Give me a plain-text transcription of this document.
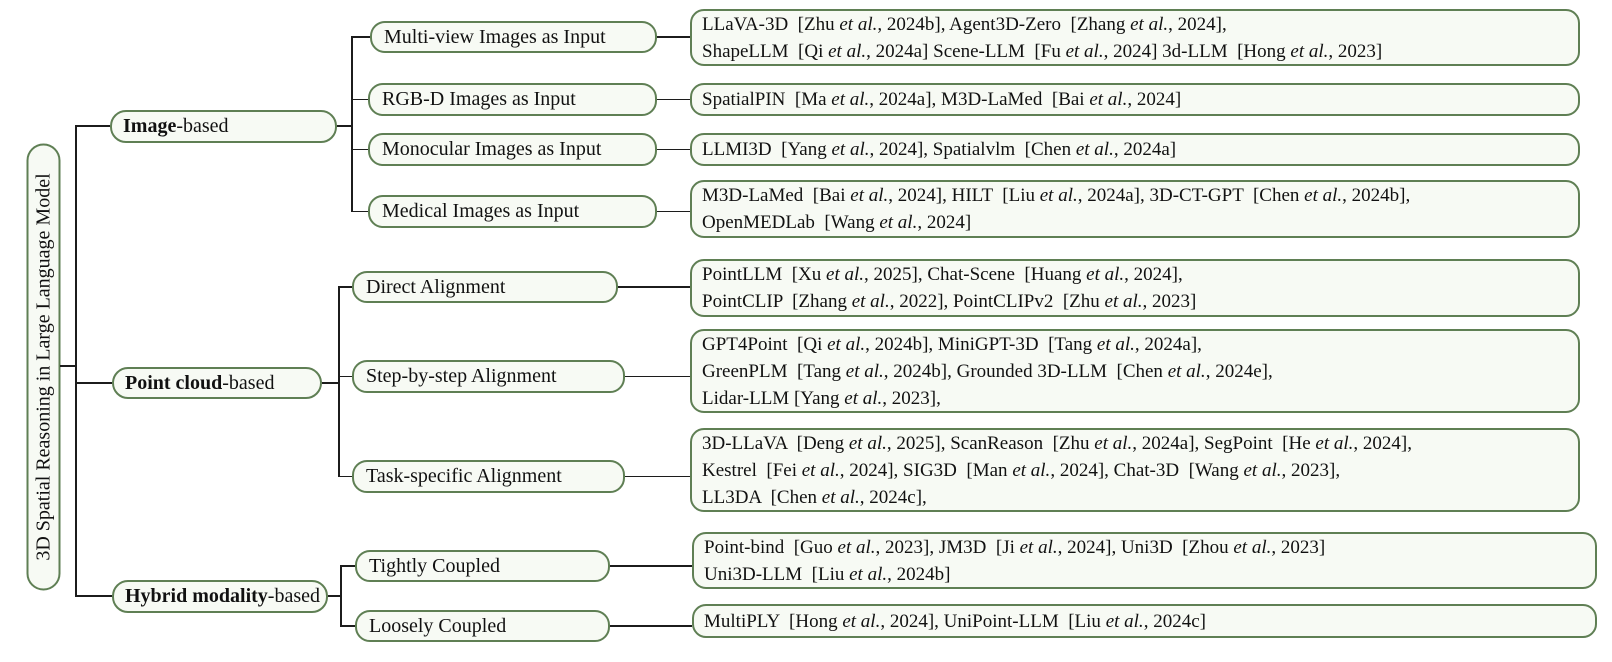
3D Spatial Reasoning in Large Language Model
Image -based
Point cloud -based
Hybrid modality -based
Multi-view Images as Input
RGB-D Images as Input
Monocular Images as Input
Medical Images as Input
Direct Alignment
Step-by-step Alignment
Task-specific Alignment
Tightly Coupled
Loosely Coupled
LLaVA-3D  [Zhu et al., 2024b], Agent3D-Zero  [Zhang et al., 2024],
ShapeLLM  [Qi et al., 2024a] Scene-LLM  [Fu et al., 2024] 3d-LLM  [Hong et al., 2023]
SpatialPIN  [Ma et al., 2024a], M3D-LaMed  [Bai et al., 2024]
LLMI3D  [Yang et al., 2024], Spatialvlm  [Chen et al., 2024a]
M3D-LaMed  [Bai et al., 2024], HILT  [Liu et al., 2024a], 3D-CT-GPT  [Chen et al., 2024b],
OpenMEDLab  [Wang et al., 2024]
PointLLM  [Xu et al., 2025], Chat-Scene  [Huang et al., 2024],
PointCLIP  [Zhang et al., 2022], PointCLIPv2  [Zhu et al., 2023]
GPT4Point  [Qi et al., 2024b], MiniGPT-3D  [Tang et al., 2024a],
GreenPLM  [Tang et al., 2024b], Grounded 3D-LLM  [Chen et al., 2024e],
Lidar-LLM [Yang et al., 2023],
3D-LLaVA  [Deng et al., 2025], ScanReason  [Zhu et al., 2024a], SegPoint  [He et al., 2024],
Kestrel  [Fei et al., 2024], SIG3D  [Man et al., 2024], Chat-3D  [Wang et al., 2023],
LL3DA  [Chen et al., 2024c],
Point-bind  [Guo et al., 2023], JM3D  [Ji et al., 2024], Uni3D  [Zhou et al., 2023]
Uni3D-LLM  [Liu et al., 2024b]
MultiPLY  [Hong et al., 2024], UniPoint-LLM  [Liu et al., 2024c]
